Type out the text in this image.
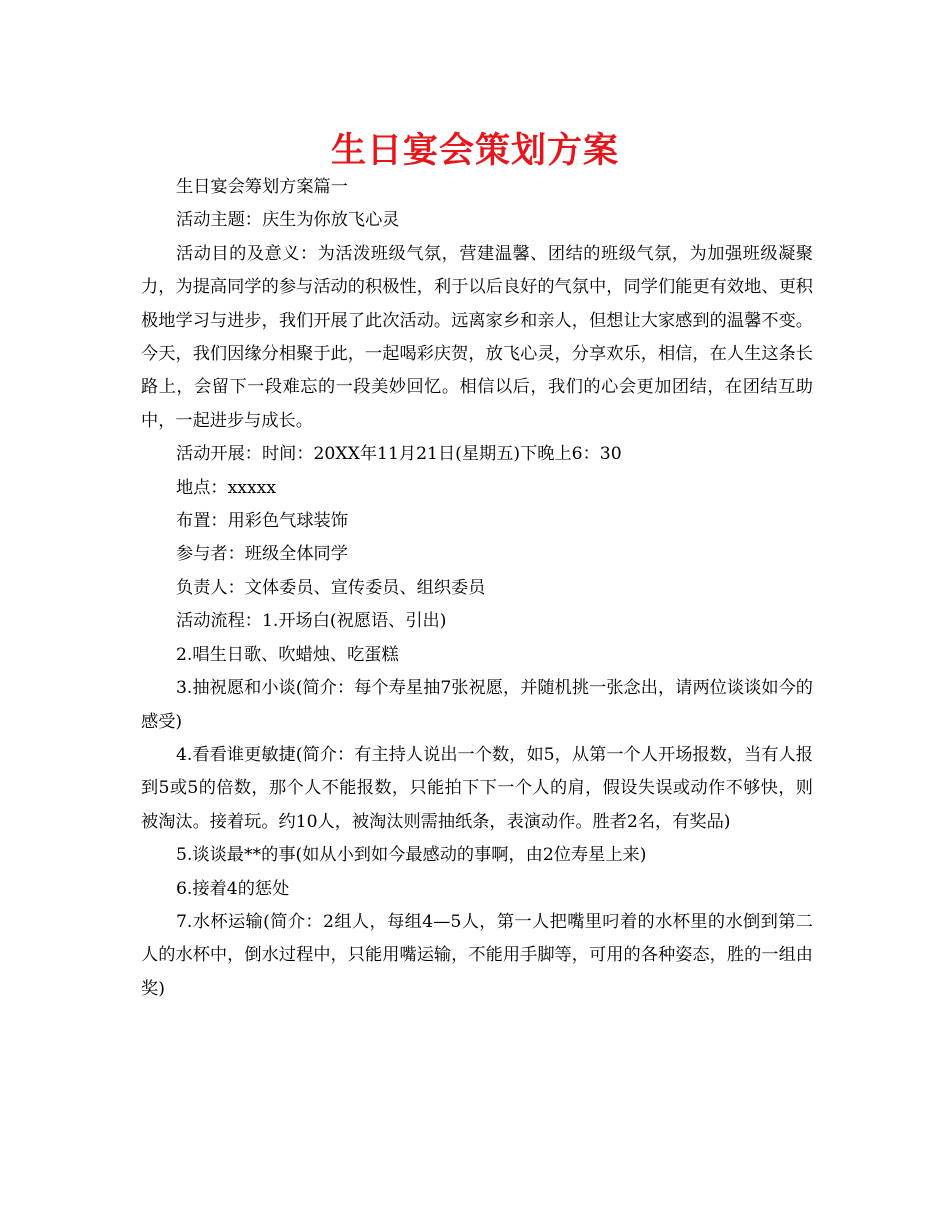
生日宴会策划方案

生日宴会筹划方案篇一

活动主题：庆生为你放飞心灵

活动目的及意义：为活泼班级气氛，营建温馨、团结的班级气氛，为加强班级凝聚力，为提高同学的参与活动的积极性，利于以后良好的气氛中，同学们能更有效地、更积极地学习与进步，我们开展了此次活动。远离家乡和亲人，但想让大家感到的温馨不变。今天，我们因缘分相聚于此，一起喝彩庆贺，放飞心灵，分享欢乐，相信，在人生这条长路上，会留下一段难忘的一段美妙回忆。相信以后，我们的心会更加团结，在团结互助中，一起进步与成长。

活动开展：时间：20XX年11月21日(星期五)下晚上6：30

地点：xxxxx

布置：用彩色气球装饰

参与者：班级全体同学

负责人：文体委员、宣传委员、组织委员

活动流程：1.开场白(祝愿语、引出)

2.唱生日歌、吹蜡烛、吃蛋糕

3.抽祝愿和小谈(简介：每个寿星抽7张祝愿，并随机挑一张念出，请两位谈谈如今的感受)

4.看看谁更敏捷(简介：有主持人说出一个数，如5，从第一个人开场报数，当有人报到5或5的倍数，那个人不能报数，只能拍下下一个人的肩，假设失误或动作不够快，则被淘汰。接着玩。约10人，被淘汰则需抽纸条，表演动作。胜者2名，有奖品)

5.谈谈最**的事(如从小到如今最感动的事啊，由2位寿星上来)

6.接着4的惩处

7.水杯运输(简介：2组人，每组4—5人，第一人把嘴里叼着的水杯里的水倒到第二人的水杯中，倒水过程中，只能用嘴运输，不能用手脚等，可用的各种姿态，胜的一组由奖)
